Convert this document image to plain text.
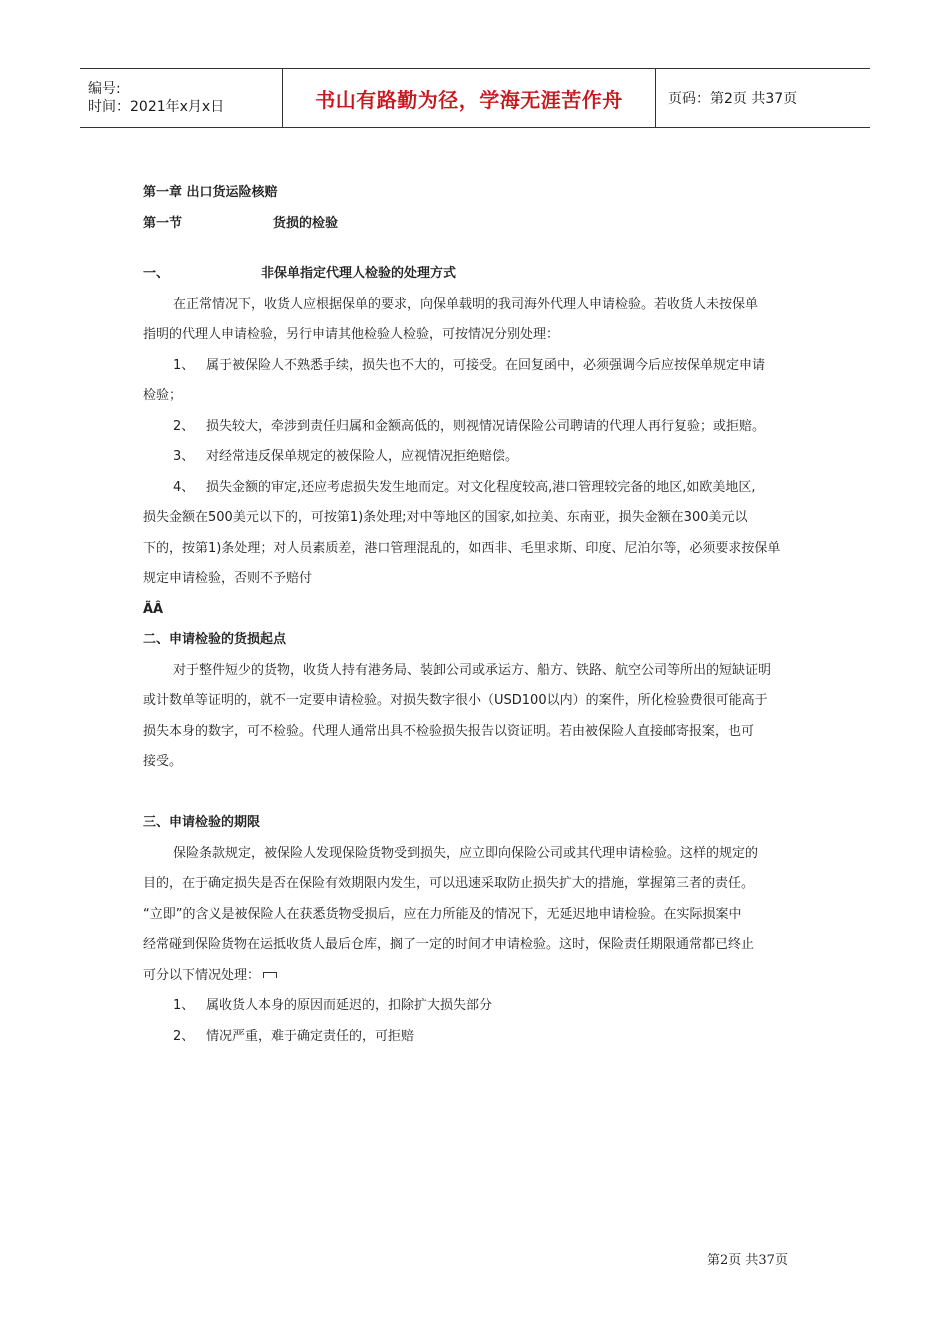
编号:
时间：2021年x月x日	书山有路勤为径，学海无涯苦作舟	页码：第2页 共37页
第一章 出口货运险核赔
第一节	货损的检验
一、	非保单指定代理人检验的处理方式
在正常情况下，收货人应根据保单的要求，向保单载明的我司海外代理人申请检验。若收货人未按保单
指明的代理人申请检验，另行申请其他检验人检验，可按情况分别处理：
1、 属于被保险人不熟悉手续，损失也不大的，可接受。在回复函中，必须强调今后应按保单规定申请
检验；
2、 损失较大，牵涉到责任归属和金额高低的，则视情况请保险公司聘请的代理人再行复验；或拒赔。
3、 对经常违反保单规定的被保险人，应视情况拒绝赔偿。
4、 损失金额的审定,还应考虑损失发生地而定。对文化程度较高,港口管理较完备的地区,如欧美地区,
损失金额在500美元以下的，可按第1)条处理;对中等地区的国家,如拉美、东南亚，损失金额在300美元以
下的，按第1)条处理；对人员素质差，港口管理混乱的，如西非、毛里求斯、印度、尼泊尔等，必须要求按保单
规定申请检验，否则不予赔付
ÃÂ
二、申请检验的货损起点
对于整件短少的货物，收货人持有港务局、装卸公司或承运方、船方、铁路、航空公司等所出的短缺证明
或计数单等证明的，就不一定要申请检验。对损失数字很小（USD100以内）的案件，所化检验费很可能高于
损失本身的数字，可不检验。代理人通常出具不检验损失报告以资证明。若由被保险人直接邮寄报案，也可
接受。
三、申请检验的期限
保险条款规定，被保险人发现保险货物受到损失，应立即向保险公司或其代理申请检验。这样的规定的
目的，在于确定损失是否在保险有效期限内发生，可以迅速采取防止损失扩大的措施，掌握第三者的责任。
“立即”的含义是被保险人在获悉货物受损后，应在力所能及的情况下，无延迟地申请检验。在实际损案中
经常碰到保险货物在运抵收货人最后仓库，搁了一定的时间才申请检验。这时，保险责任期限通常都已终止
可分以下情况处理：
1、 属收货人本身的原因而延迟的，扣除扩大损失部分
2、 情况严重，难于确定责任的，可拒赔
第2页 共37页
